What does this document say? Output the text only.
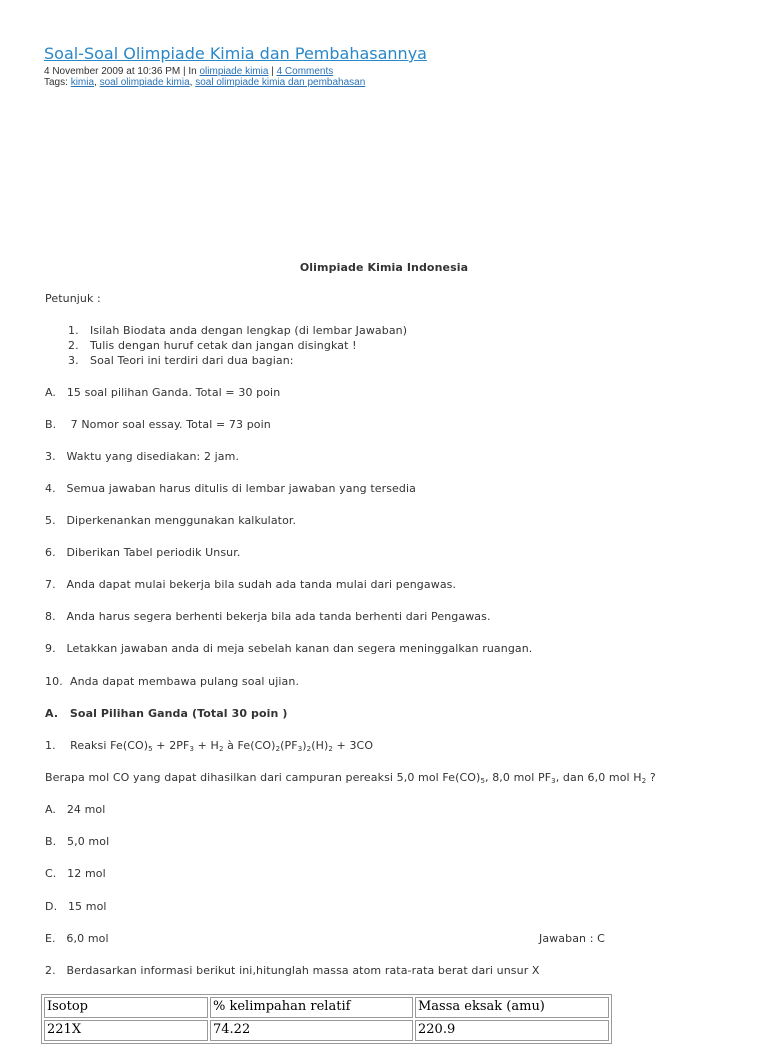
Soal-Soal Olimpiade Kimia dan Pembahasannya
4 November 2009 at 10:36 PM | In olimpiade kimia | 4 Comments
Tags: kimia, soal olimpiade kimia, soal olimpiade kimia dan pembahasan
Olimpiade Kimia Indonesia
Petunjuk :
1. Isilah Biodata anda dengan lengkap (di lembar Jawaban)
2. Tulis dengan huruf cetak dan jangan disingkat !
3. Soal Teori ini terdiri dari dua bagian:
A.   15 soal pilihan Ganda. Total = 30 poin
B.    7 Nomor soal essay. Total = 73 poin
3.   Waktu yang disediakan: 2 jam.
4.   Semua jawaban harus ditulis di lembar jawaban yang tersedia
5.   Diperkenankan menggunakan kalkulator.
6.   Diberikan Tabel periodik Unsur.
7.   Anda dapat mulai bekerja bila sudah ada tanda mulai dari pengawas.
8.   Anda harus segera berhenti bekerja bila ada tanda berhenti dari Pengawas.
9.   Letakkan jawaban anda di meja sebelah kanan dan segera meninggalkan ruangan.
10.  Anda dapat membawa pulang soal ujian.
A.   Soal Pilihan Ganda (Total 30 poin )
1. Reaksi $Fe(CO)_5 + 2PF_3 + H_2$ à $Fe(CO)_2(PF_3)_2(H)_2 + 3CO$
Berapa mol CO yang dapat dihasilkan dari campuran pereaksi 5,0 mol $Fe(CO)_5$, 8,0 mol $PF_3$, dan 6,0 mol $H_2$ ?
A.   24 mol
B.   5,0 mol
C.   12 mol
D.   15 mol
E.   6,0 mol	Jawaban : C
2.   Berdasarkan informasi berikut ini,hitunglah massa atom rata-rata berat dari unsur X
Isotop	% kelimpahan relatif	Massa eksak (amu)
221X	74.22	220.9
